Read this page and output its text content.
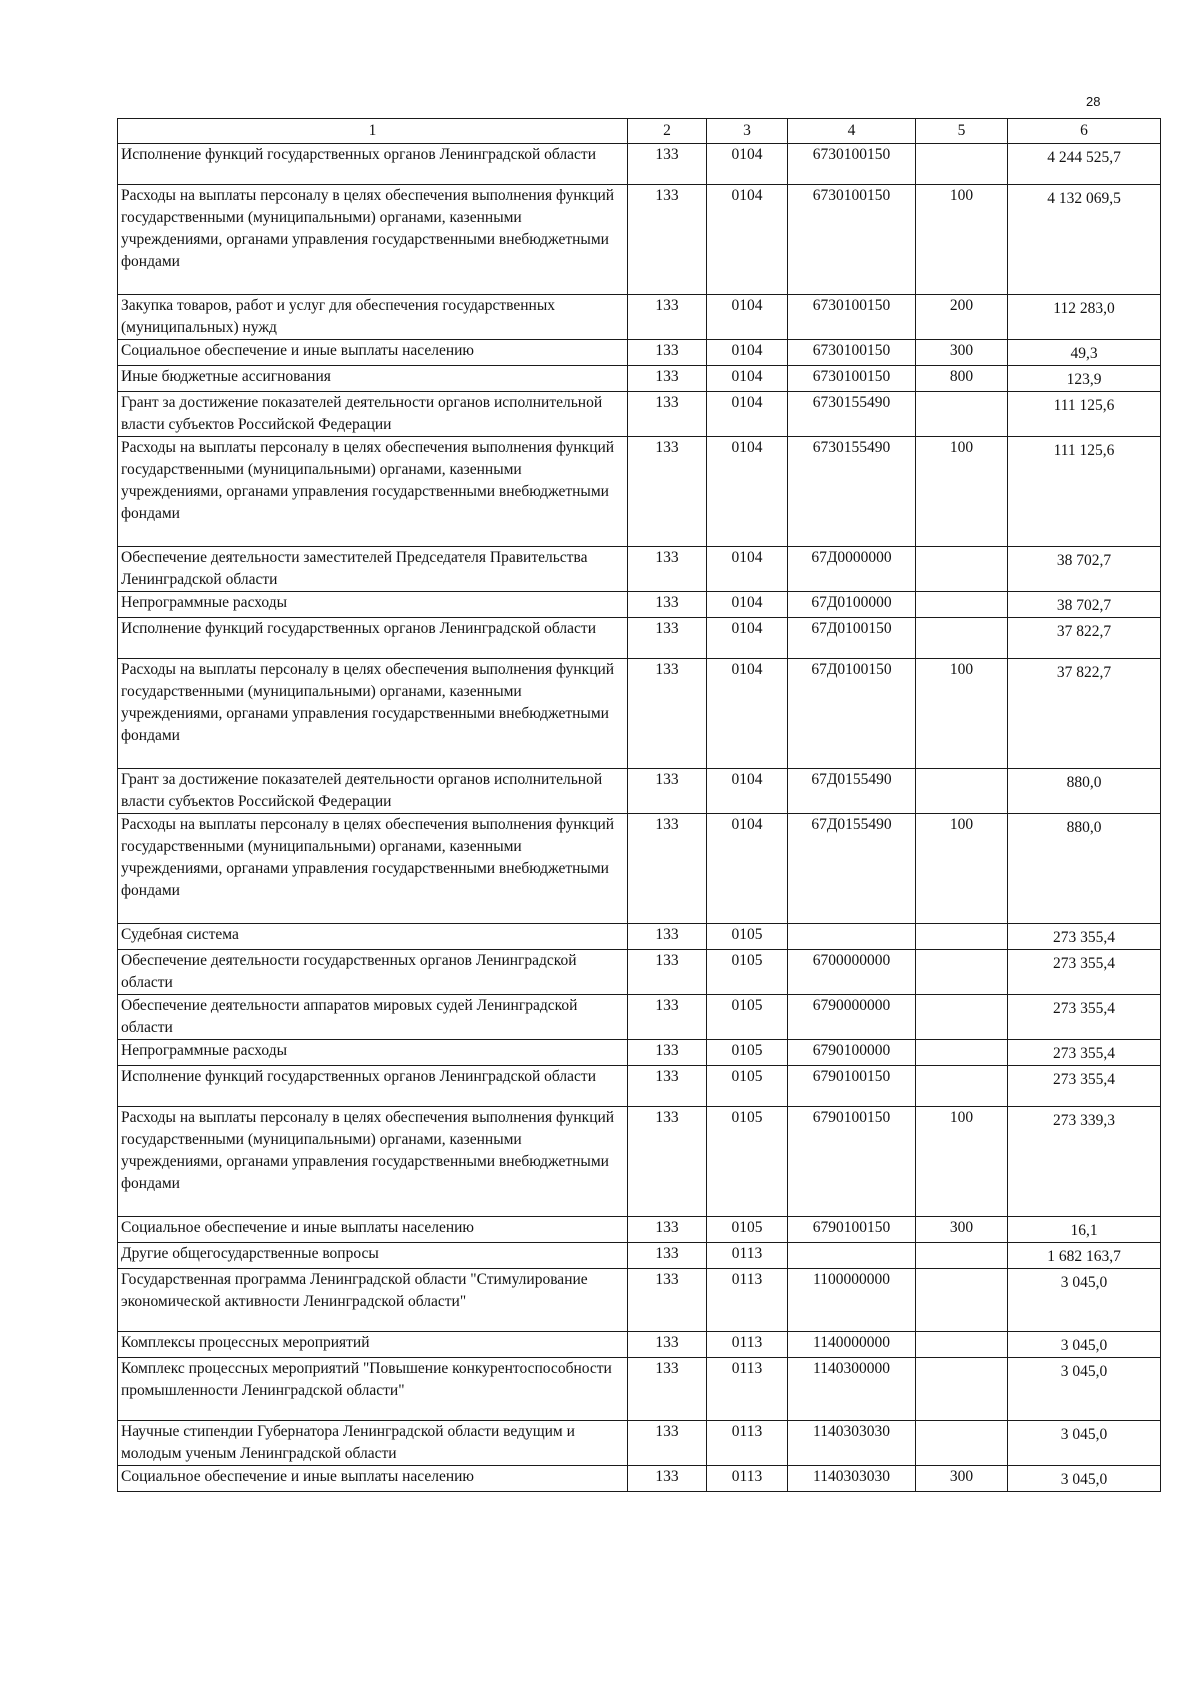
28
1	2	3	4	5	6
Исполнение функций государственных органов Ленинградской области	133	0104	6730100150		4 244 525,7
Расходы на выплаты персоналу в целях обеспечения выполнения функций государственными (муниципальными) органами, казенными учреждениями, органами управления государственными внебюджетными фондами	133	0104	6730100150	100	4 132 069,5
Закупка товаров, работ и услуг для обеспечения государственных (муниципальных) нужд	133	0104	6730100150	200	112 283,0
Социальное обеспечение и иные выплаты населению	133	0104	6730100150	300	49,3
Иные бюджетные ассигнования	133	0104	6730100150	800	123,9
Грант за достижение показателей деятельности органов исполнительной власти субъектов Российской Федерации	133	0104	6730155490		111 125,6
Расходы на выплаты персоналу в целях обеспечения выполнения функций государственными (муниципальными) органами, казенными учреждениями, органами управления государственными внебюджетными фондами	133	0104	6730155490	100	111 125,6
Обеспечение деятельности заместителей Председателя Правительства Ленинградской области	133	0104	67Д0000000		38 702,7
Непрограммные расходы	133	0104	67Д0100000		38 702,7
Исполнение функций государственных органов Ленинградской области	133	0104	67Д0100150		37 822,7
Расходы на выплаты персоналу в целях обеспечения выполнения функций государственными (муниципальными) органами, казенными учреждениями, органами управления государственными внебюджетными фондами	133	0104	67Д0100150	100	37 822,7
Грант за достижение показателей деятельности органов исполнительной власти субъектов Российской Федерации	133	0104	67Д0155490		880,0
Расходы на выплаты персоналу в целях обеспечения выполнения функций государственными (муниципальными) органами, казенными учреждениями, органами управления государственными внебюджетными фондами	133	0104	67Д0155490	100	880,0
Судебная система	133	0105			273 355,4
Обеспечение деятельности государственных органов Ленинградской области	133	0105	6700000000		273 355,4
Обеспечение деятельности аппаратов мировых судей Ленинградской области	133	0105	6790000000		273 355,4
Непрограммные расходы	133	0105	6790100000		273 355,4
Исполнение функций государственных органов Ленинградской области	133	0105	6790100150		273 355,4
Расходы на выплаты персоналу в целях обеспечения выполнения функций государственными (муниципальными) органами, казенными учреждениями, органами управления государственными внебюджетными фондами	133	0105	6790100150	100	273 339,3
Социальное обеспечение и иные выплаты населению	133	0105	6790100150	300	16,1
Другие общегосударственные вопросы	133	0113			1 682 163,7
Государственная программа Ленинградской области "Стимулирование экономической активности Ленинградской области"	133	0113	1100000000		3 045,0
Комплексы процессных мероприятий	133	0113	1140000000		3 045,0
Комплекс процессных мероприятий "Повышение конкурентоспособности промышленности Ленинградской области"	133	0113	1140300000		3 045,0
Научные стипендии Губернатора Ленинградской области ведущим и молодым ученым Ленинградской области	133	0113	1140303030		3 045,0
Социальное обеспечение и иные выплаты населению	133	0113	1140303030	300	3 045,0
